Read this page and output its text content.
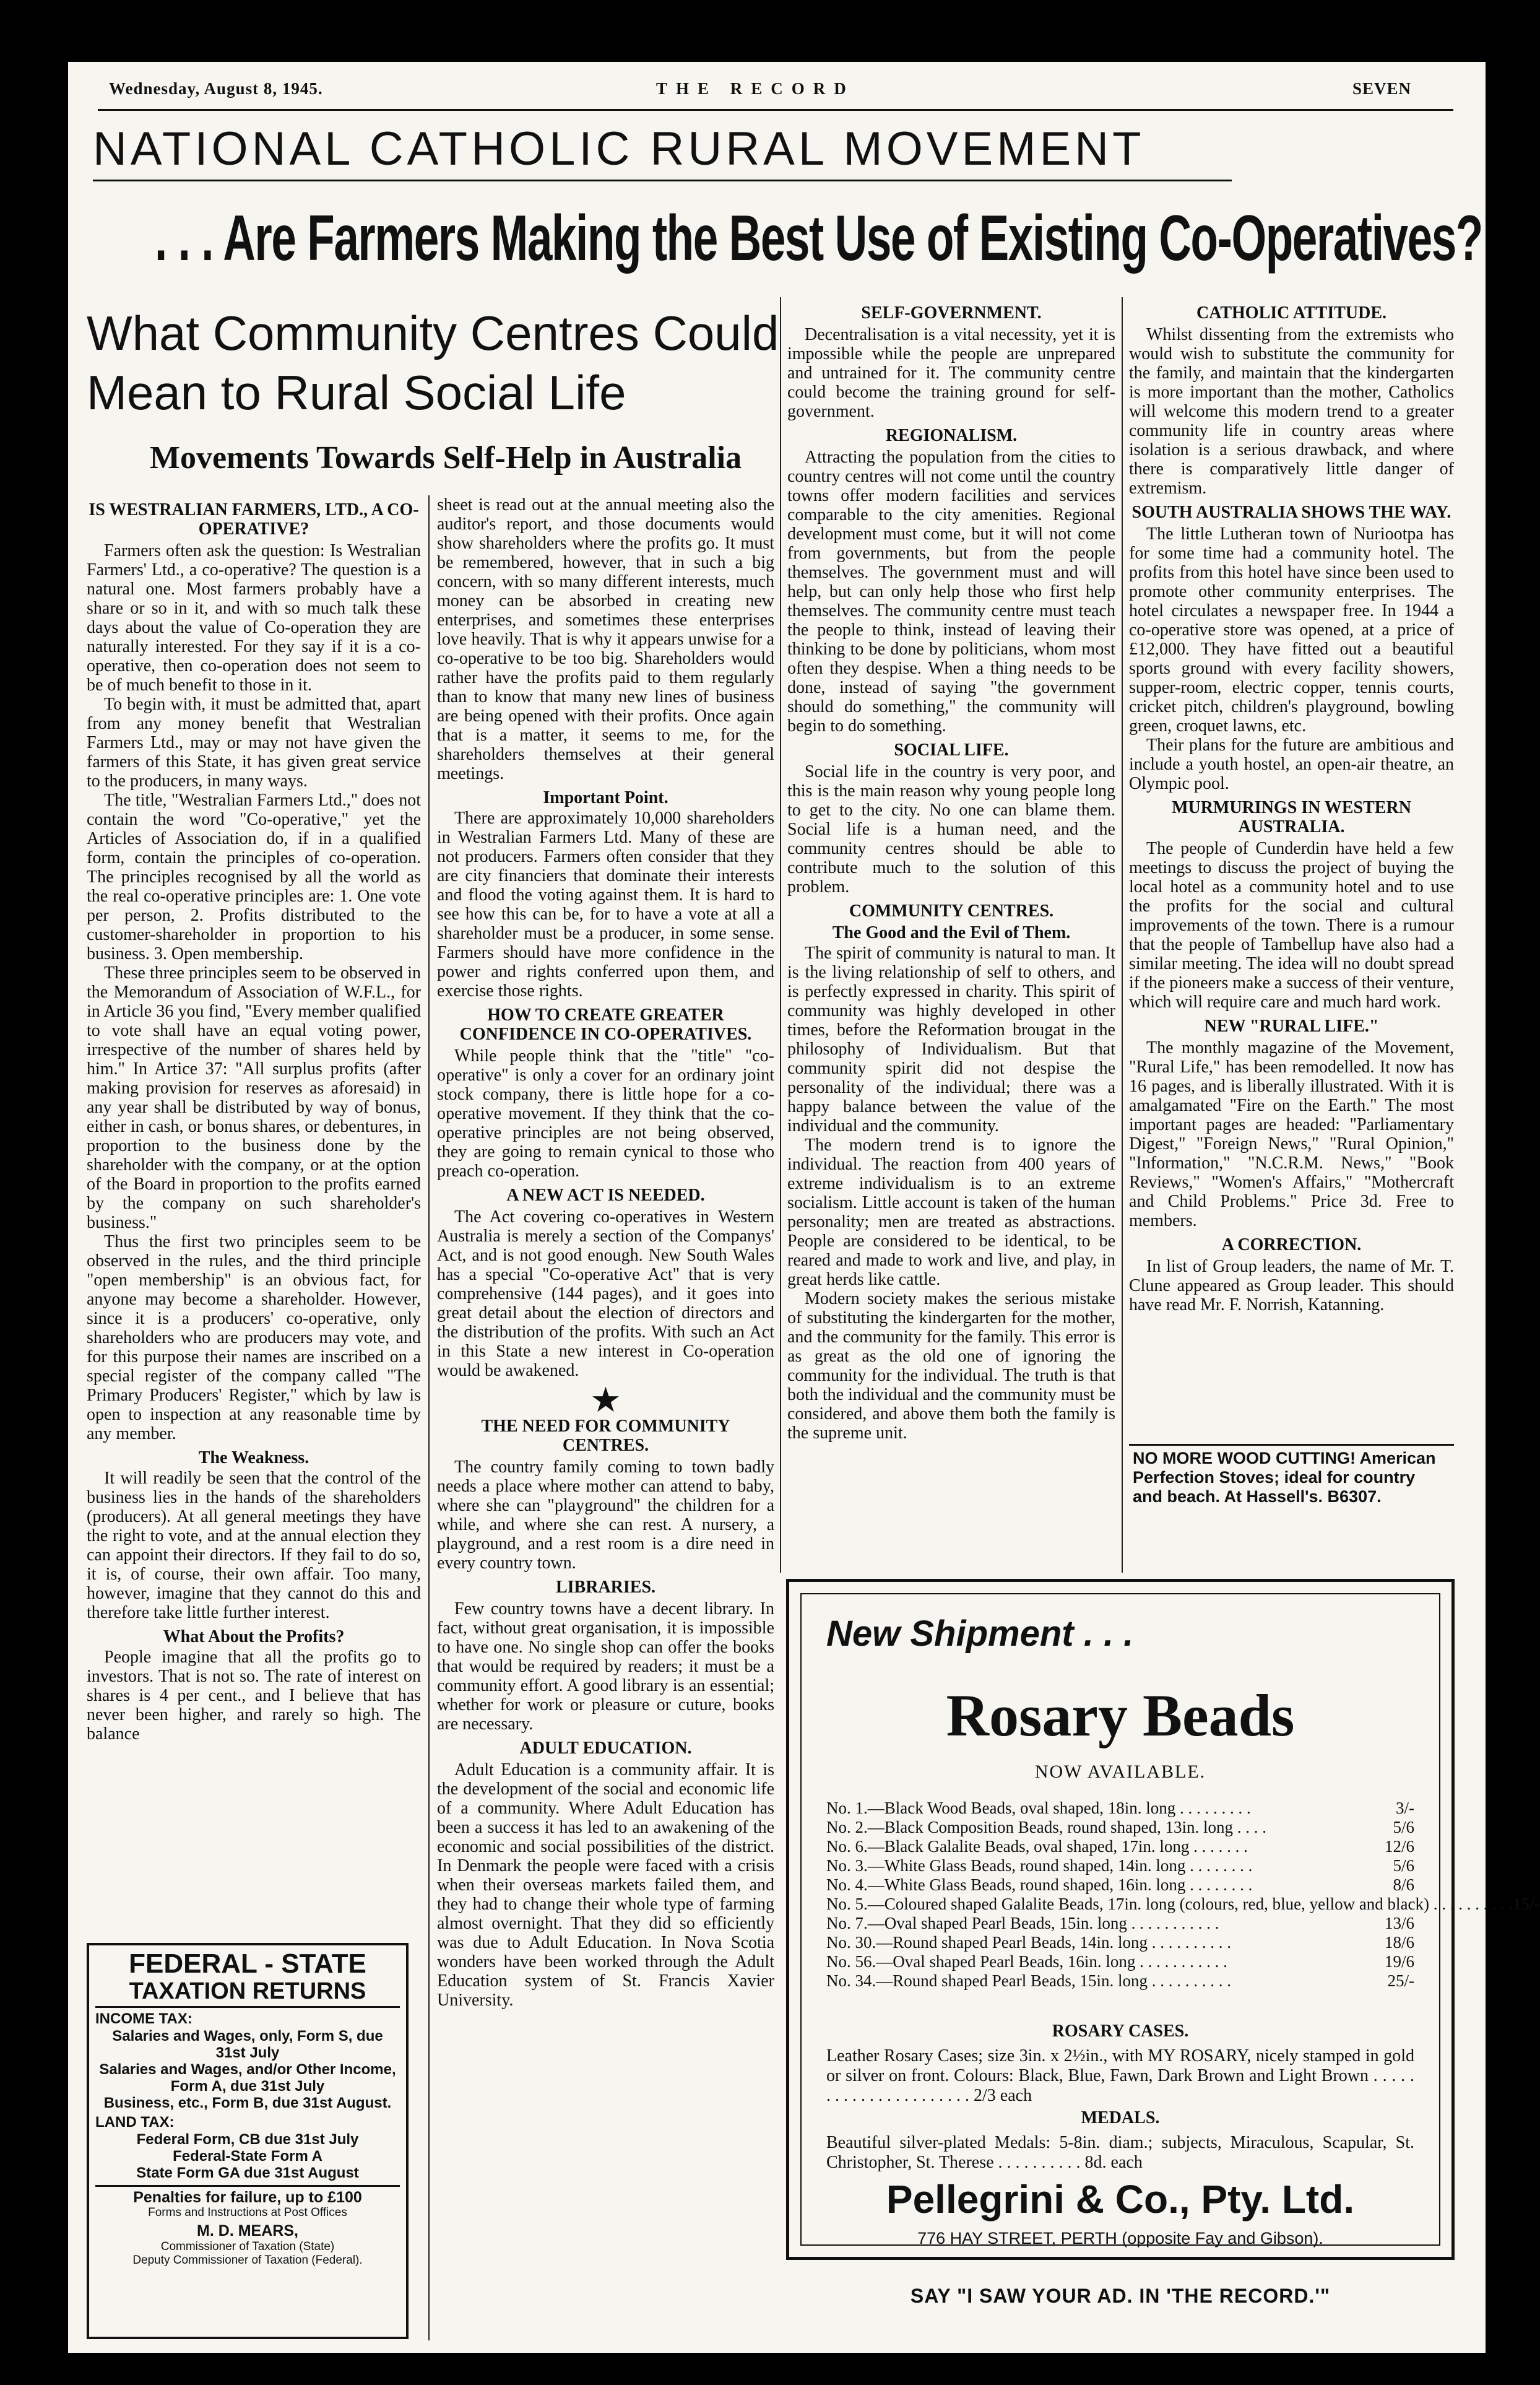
Wednesday, August 8, 1945.	THE RECORD	SEVEN
NATIONAL CATHOLIC RURAL MOVEMENT
. . . Are Farmers Making the Best Use of Existing Co-Operatives?
What Community Centres Could
Mean to Rural Social Life
Movements Towards Self-Help in Australia
IS WESTRALIAN FARMERS, LTD., A CO-OPERATIVE?

Farmers often ask the question: Is Westralian Farmers' Ltd., a co-operative? The question is a natural one. Most farmers probably have a share or so in it, and with so much talk these days about the value of Co-operation they are naturally interested. For they say if it is a co-operative, then co-operation does not seem to be of much benefit to those in it.

To begin with, it must be admitted that, apart from any money benefit that Westralian Farmers Ltd., may or may not have given the farmers of this State, it has given great service to the producers, in many ways.

The title, "Westralian Farmers Ltd.," does not contain the word "Co-operative," yet the Articles of Association do, if in a qualified form, contain the principles of co-operation. The principles recognised by all the world as the real co-operative principles are: 1. One vote per person, 2. Profits distributed to the customer-shareholder in proportion to his business. 3. Open membership.

These three principles seem to be observed in the Memorandum of Association of W.F.L., for in Article 36 you find, "Every member qualified to vote shall have an equal voting power, irrespective of the number of shares held by him." In Artice 37: "All surplus profits (after making provision for reserves as aforesaid) in any year shall be distributed by way of bonus, either in cash, or bonus shares, or debentures, in proportion to the business done by the shareholder with the company, or at the option of the Board in proportion to the profits earned by the company on such shareholder's business."

Thus the first two principles seem to be observed in the rules, and the third principle "open membership" is an obvious fact, for anyone may become a shareholder. However, since it is a producers' co-operative, only shareholders who are producers may vote, and for this purpose their names are inscribed on a special register of the company called "The Primary Producers' Register," which by law is open to inspection at any reasonable time by any member.

The Weakness.

It will readily be seen that the control of the business lies in the hands of the shareholders (producers). At all general meetings they have the right to vote, and at the annual election they can appoint their directors. If they fail to do so, it is, of course, their own affair. Too many, however, imagine that they cannot do this and therefore take little further interest.

What About the Profits?

People imagine that all the profits go to investors. That is not so. The rate of interest on shares is 4 per cent., and I believe that has never been higher, and rarely so high. The balance

FEDERAL - STATE
TAXATION RETURNS
INCOME TAX:
Salaries and Wages, only, Form S, due 31st July
Salaries and Wages, and/or Other Income, Form A, due 31st July
Business, etc., Form B, due 31st August.
LAND TAX:
Federal Form, CB due 31st July
Federal-State Form A
State Form GA due 31st August
Penalties for failure, up to £100
Forms and Instructions at Post Offices
M. D. MEARS,
Commissioner of Taxation (State)
Deputy Commissioner of Taxation (Federal).

sheet is read out at the annual meeting also the auditor's report, and those documents would show shareholders where the profits go. It must be remembered, however, that in such a big concern, with so many different interests, much money can be absorbed in creating new enterprises, and sometimes these enterprises love heavily. That is why it appears unwise for a co-operative to be too big. Shareholders would rather have the profits paid to them regularly than to know that many new lines of business are being opened with their profits. Once again that is a matter, it seems to me, for the shareholders themselves at their general meetings.

Important Point.

There are approximately 10,000 shareholders in Westralian Farmers Ltd. Many of these are not producers. Farmers often consider that they are city financiers that dominate their interests and flood the voting against them. It is hard to see how this can be, for to have a vote at all a shareholder must be a producer, in some sense. Farmers should have more confidence in the power and rights conferred upon them, and exercise those rights.

HOW TO CREATE GREATER CONFIDENCE IN CO-OPERATIVES.

While people think that the "title" "co-operative" is only a cover for an ordinary joint stock company, there is little hope for a co-operative movement. If they think that the co-operative principles are not being observed, they are going to remain cynical to those who preach co-operation.

A NEW ACT IS NEEDED.

The Act covering co-operatives in Western Australia is merely a section of the Companys' Act, and is not good enough. New South Wales has a special "Co-operative Act" that is very comprehensive (144 pages), and it goes into great detail about the election of directors and the distribution of the profits. With such an Act in this State a new interest in Co-operation would be awakened.

★
THE NEED FOR COMMUNITY CENTRES.

The country family coming to town badly needs a place where mother can attend to baby, where she can "playground" the children for a while, and where she can rest. A nursery, a playground, and a rest room is a dire need in every country town.

LIBRARIES.

Few country towns have a decent library. In fact, without great organisation, it is impossible to have one. No single shop can offer the books that would be required by readers; it must be a community effort. A good library is an essential; whether for work or pleasure or cuture, books are necessary.

ADULT EDUCATION.

Adult Education is a community affair. It is the development of the social and economic life of a community. Where Adult Education has been a success it has led to an awakening of the economic and social possibilities of the district. In Denmark the people were faced with a crisis when their overseas markets failed them, and they had to change their whole type of farming almost overnight. That they did so efficiently was due to Adult Education. In Nova Scotia wonders have been worked through the Adult Education system of St. Francis Xavier University.

SELF-GOVERNMENT.

Decentralisation is a vital necessity, yet it is impossible while the people are unprepared and untrained for it. The community centre could become the training ground for self-government.

REGIONALISM.

Attracting the population from the cities to country centres will not come until the country towns offer modern facilities and services comparable to the city amenities. Regional development must come, but it will not come from governments, but from the people themselves. The government must and will help, but can only help those who first help themselves. The community centre must teach the people to think, instead of leaving their thinking to be done by politicians, whom most often they despise. When a thing needs to be done, instead of saying "the government should do something," the community will begin to do something.

SOCIAL LIFE.

Social life in the country is very poor, and this is the main reason why young people long to get to the city. No one can blame them. Social life is a human need, and the community centres should be able to contribute much to the solution of this problem.

COMMUNITY CENTRES.
The Good and the Evil of Them.

The spirit of community is natural to man. It is the living relationship of self to others, and is perfectly expressed in charity. This spirit of community was highly developed in other times, before the Reformation brougat in the philosophy of Individualism. But that community spirit did not despise the personality of the individual; there was a happy balance between the value of the individual and the community.

The modern trend is to ignore the individual. The reaction from 400 years of extreme individualism is to an extreme socialism. Little account is taken of the human personality; men are treated as abstractions. People are considered to be identical, to be reared and made to work and live, and play, in great herds like cattle.

Modern society makes the serious mistake of substituting the kindergarten for the mother, and the community for the family. This error is as great as the old one of ignoring the community for the individual. The truth is that both the individual and the community must be considered, and above them both the family is the supreme unit.

CATHOLIC ATTITUDE.

Whilst dissenting from the extremists who would wish to substitute the community for the family, and maintain that the kindergarten is more important than the mother, Catholics will welcome this modern trend to a greater community life in country areas where isolation is a serious drawback, and where there is comparatively little danger of extremism.

SOUTH AUSTRALIA SHOWS THE WAY.

The little Lutheran town of Nuriootpa has for some time had a community hotel. The profits from this hotel have since been used to promote other community enterprises. The hotel circulates a newspaper free. In 1944 a co-operative store was opened, at a price of £12,000. They have fitted out a beautiful sports ground with every facility showers, supper-room, electric copper, tennis courts, cricket pitch, children's playground, bowling green, croquet lawns, etc.

Their plans for the future are ambitious and include a youth hostel, an open-air theatre, an Olympic pool.

MURMURINGS IN WESTERN AUSTRALIA.

The people of Cunderdin have held a few meetings to discuss the project of buying the local hotel as a community hotel and to use the profits for the social and cultural improvements of the town. There is a rumour that the people of Tambellup have also had a similar meeting. The idea will no doubt spread if the pioneers make a success of their venture, which will require care and much hard work.

NEW "RURAL LIFE."

The monthly magazine of the Movement, "Rural Life," has been remodelled. It now has 16 pages, and is liberally illustrated. With it is amalgamated "Fire on the Earth." The most important pages are headed: "Parliamentary Digest," "Foreign News," "Rural Opinion," "Information," "N.C.R.M. News," "Book Reviews," "Women's Affairs," "Mothercraft and Child Problems." Price 3d. Free to members.

A CORRECTION.

In list of Group leaders, the name of Mr. T. Clune appeared as Group leader. This should have read Mr. F. Norrish, Katanning.

NO MORE WOOD CUTTING! American Perfection Stoves; ideal for country and beach. At Hassell's. B6307.
New Shipment . . .
Rosary Beads
NOW AVAILABLE.
No. 1.—Black Wood Beads, oval shaped, 18in. long . . . . . . . . .	3/-
No. 2.—Black Composition Beads, round shaped, 13in. long . . . .	5/6
No. 6.—Black Galalite Beads, oval shaped, 17in. long . . . . . . .	12/6
No. 3.—White Glass Beads, round shaped, 14in. long . . . . . . . .	5/6
No. 4.—White Glass Beads, round shaped, 16in. long . . . . . . . .	8/6
No. 5.—Coloured shaped Galalite Beads, 17in. long (colours, red, blue, yellow and black) . . . . . . . . . . 15/-
No. 7.—Oval shaped Pearl Beads, 15in. long . . . . . . . . . . .	13/6
No. 30.—Round shaped Pearl Beads, 14in. long . . . . . . . . . .	18/6
No. 56.—Oval shaped Pearl Beads, 16in. long . . . . . . . . . . .	19/6
No. 34.—Round shaped Pearl Beads, 15in. long . . . . . . . . . .	25/-
ROSARY CASES.
Leather Rosary Cases; size 3in. x 2½in., with MY ROSARY, nicely stamped in gold or silver on front. Colours: Black, Blue, Fawn, Dark Brown and Light Brown . . . . . . . . . . . . . . . . . . . . . . 2/3 each
MEDALS.
Beautiful silver-plated Medals: 5-8in. diam.; subjects, Miraculous, Scapular, St. Christopher, St. Therese . . . . . . . . . . 8d. each
Pellegrini & Co., Pty. Ltd.
776 HAY STREET, PERTH (opposite Fay and Gibson).
SAY "I SAW YOUR AD. IN 'THE RECORD.'"
